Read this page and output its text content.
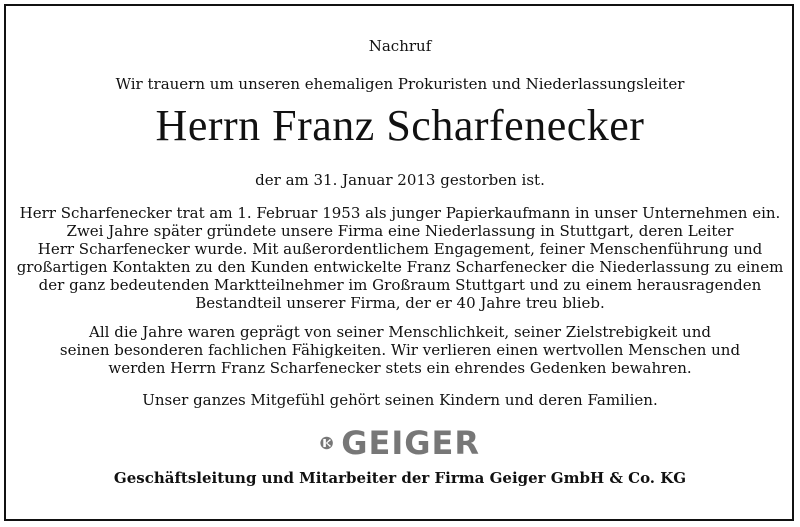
Nachruf
Wir trauern um unseren ehemaligen Prokuristen und Niederlassungsleiter
Herrn Franz Scharfenecker
der am 31. Januar 2013 gestorben ist.
Herr Scharfenecker trat am 1. Februar 1953 als junger Papierkaufmann in unser Unternehmen ein.
Zwei Jahre später gründete unsere Firma eine Niederlassung in Stuttgart, deren Leiter
Herr Scharfenecker wurde. Mit außerordentlichem Engagement, feiner Menschenführung und
großartigen Kontakten zu den Kunden entwickelte Franz Scharfenecker die Niederlassung zu einem
der ganz bedeutenden Marktteilnehmer im Großraum Stuttgart und zu einem herausragenden
Bestandteil unserer Firma, der er 40 Jahre treu blieb.
All die Jahre waren geprägt von seiner Menschlichkeit, seiner Zielstrebigkeit und
seinen besonderen fachlichen Fähigkeiten. Wir verlieren einen wertvollen Menschen und
werden Herrn Franz Scharfenecker stets ein ehrendes Gedenken bewahren.
Unser ganzes Mitgefühl gehört seinen Kindern und deren Familien.
GEIGER
Geschäftsleitung und Mitarbeiter der Firma Geiger GmbH & Co. KG
